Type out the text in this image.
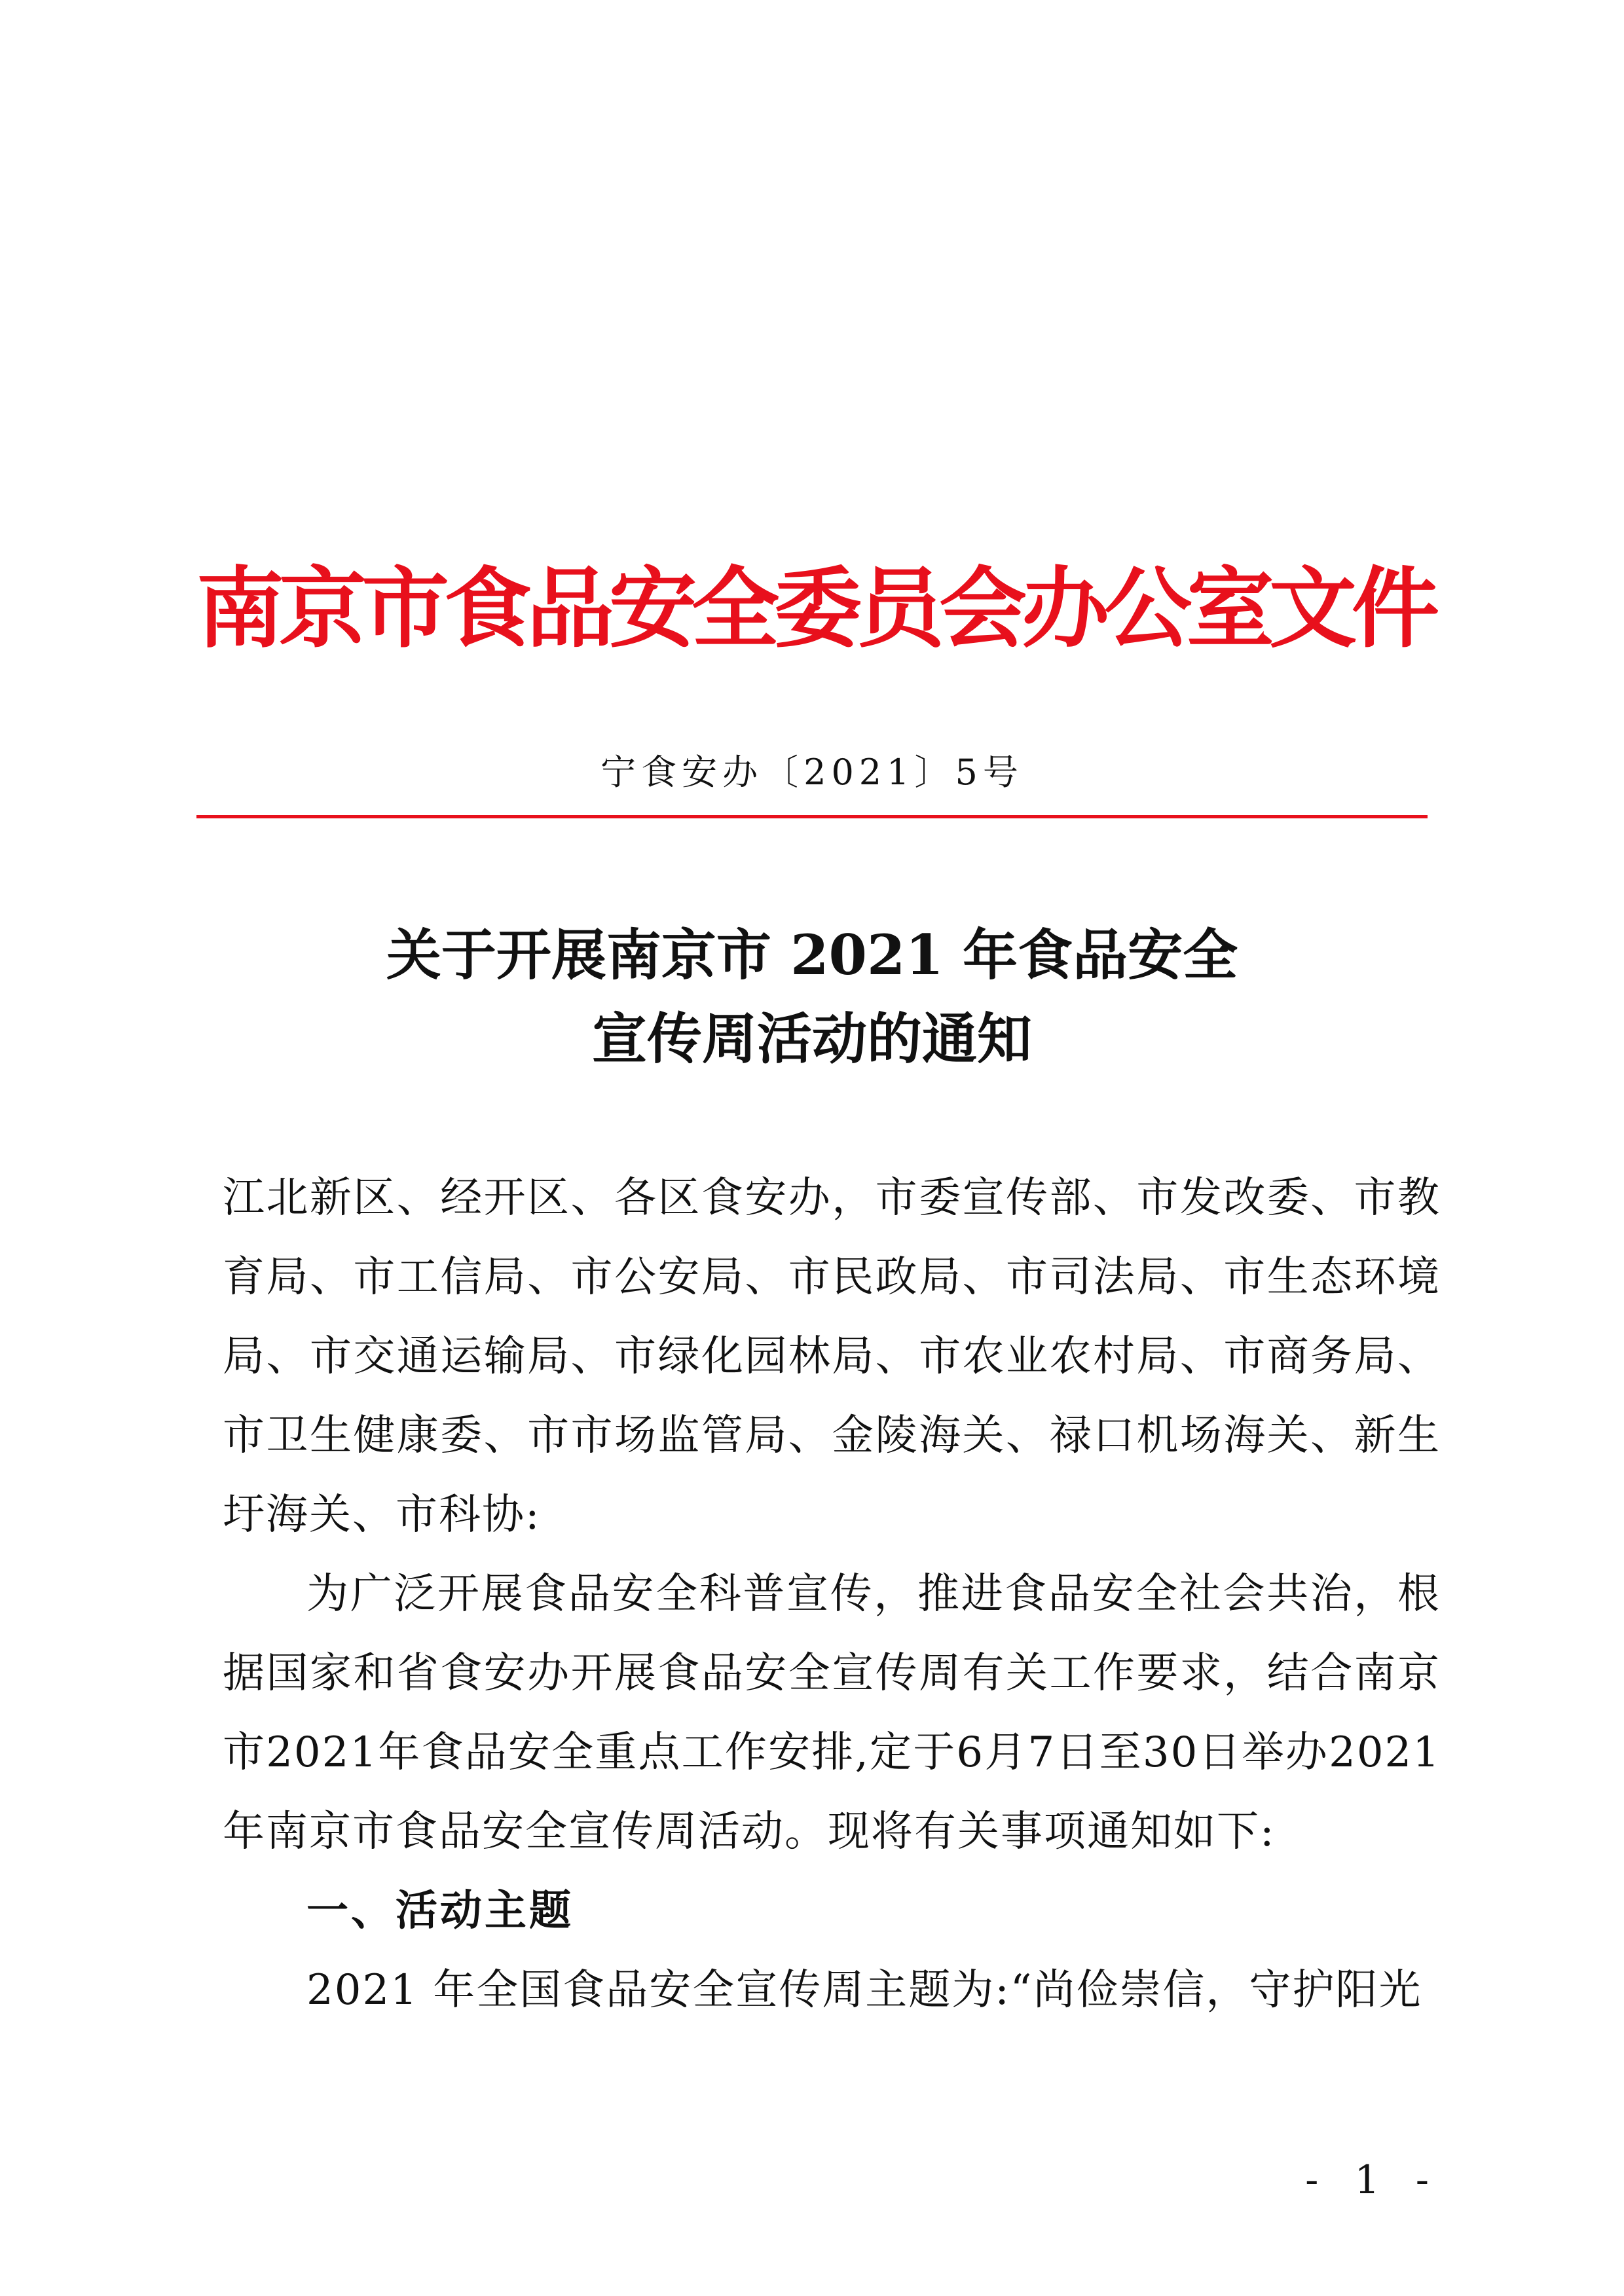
南京市食品安全委员会办公室文件
宁食安办〔2021〕5号
关于开展南京市 2021 年食品安全
宣传周活动的通知

江北新区、经开区、各区食安办，市委宣传部、市发改委、市教育局、市工信局、市公安局、市民政局、市司法局、市生态环境局、市交通运输局、市绿化园林局、市农业农村局、市商务局、市卫生健康委、市市场监管局、金陵海关、禄口机场海关、新生圩海关、市科协:

为广泛开展食品安全科普宣传，推进食品安全社会共治，根据国家和省食安办开展食品安全宣传周有关工作要求，结合南京市2021年食品安全重点工作安排,定于6月7日至30日举办2021年南京市食品安全宣传周活动。现将有关事项通知如下:

一、活动主题

2021 年全国食品安全宣传周主题为:“尚俭崇信，守护阳光

- 1 -
